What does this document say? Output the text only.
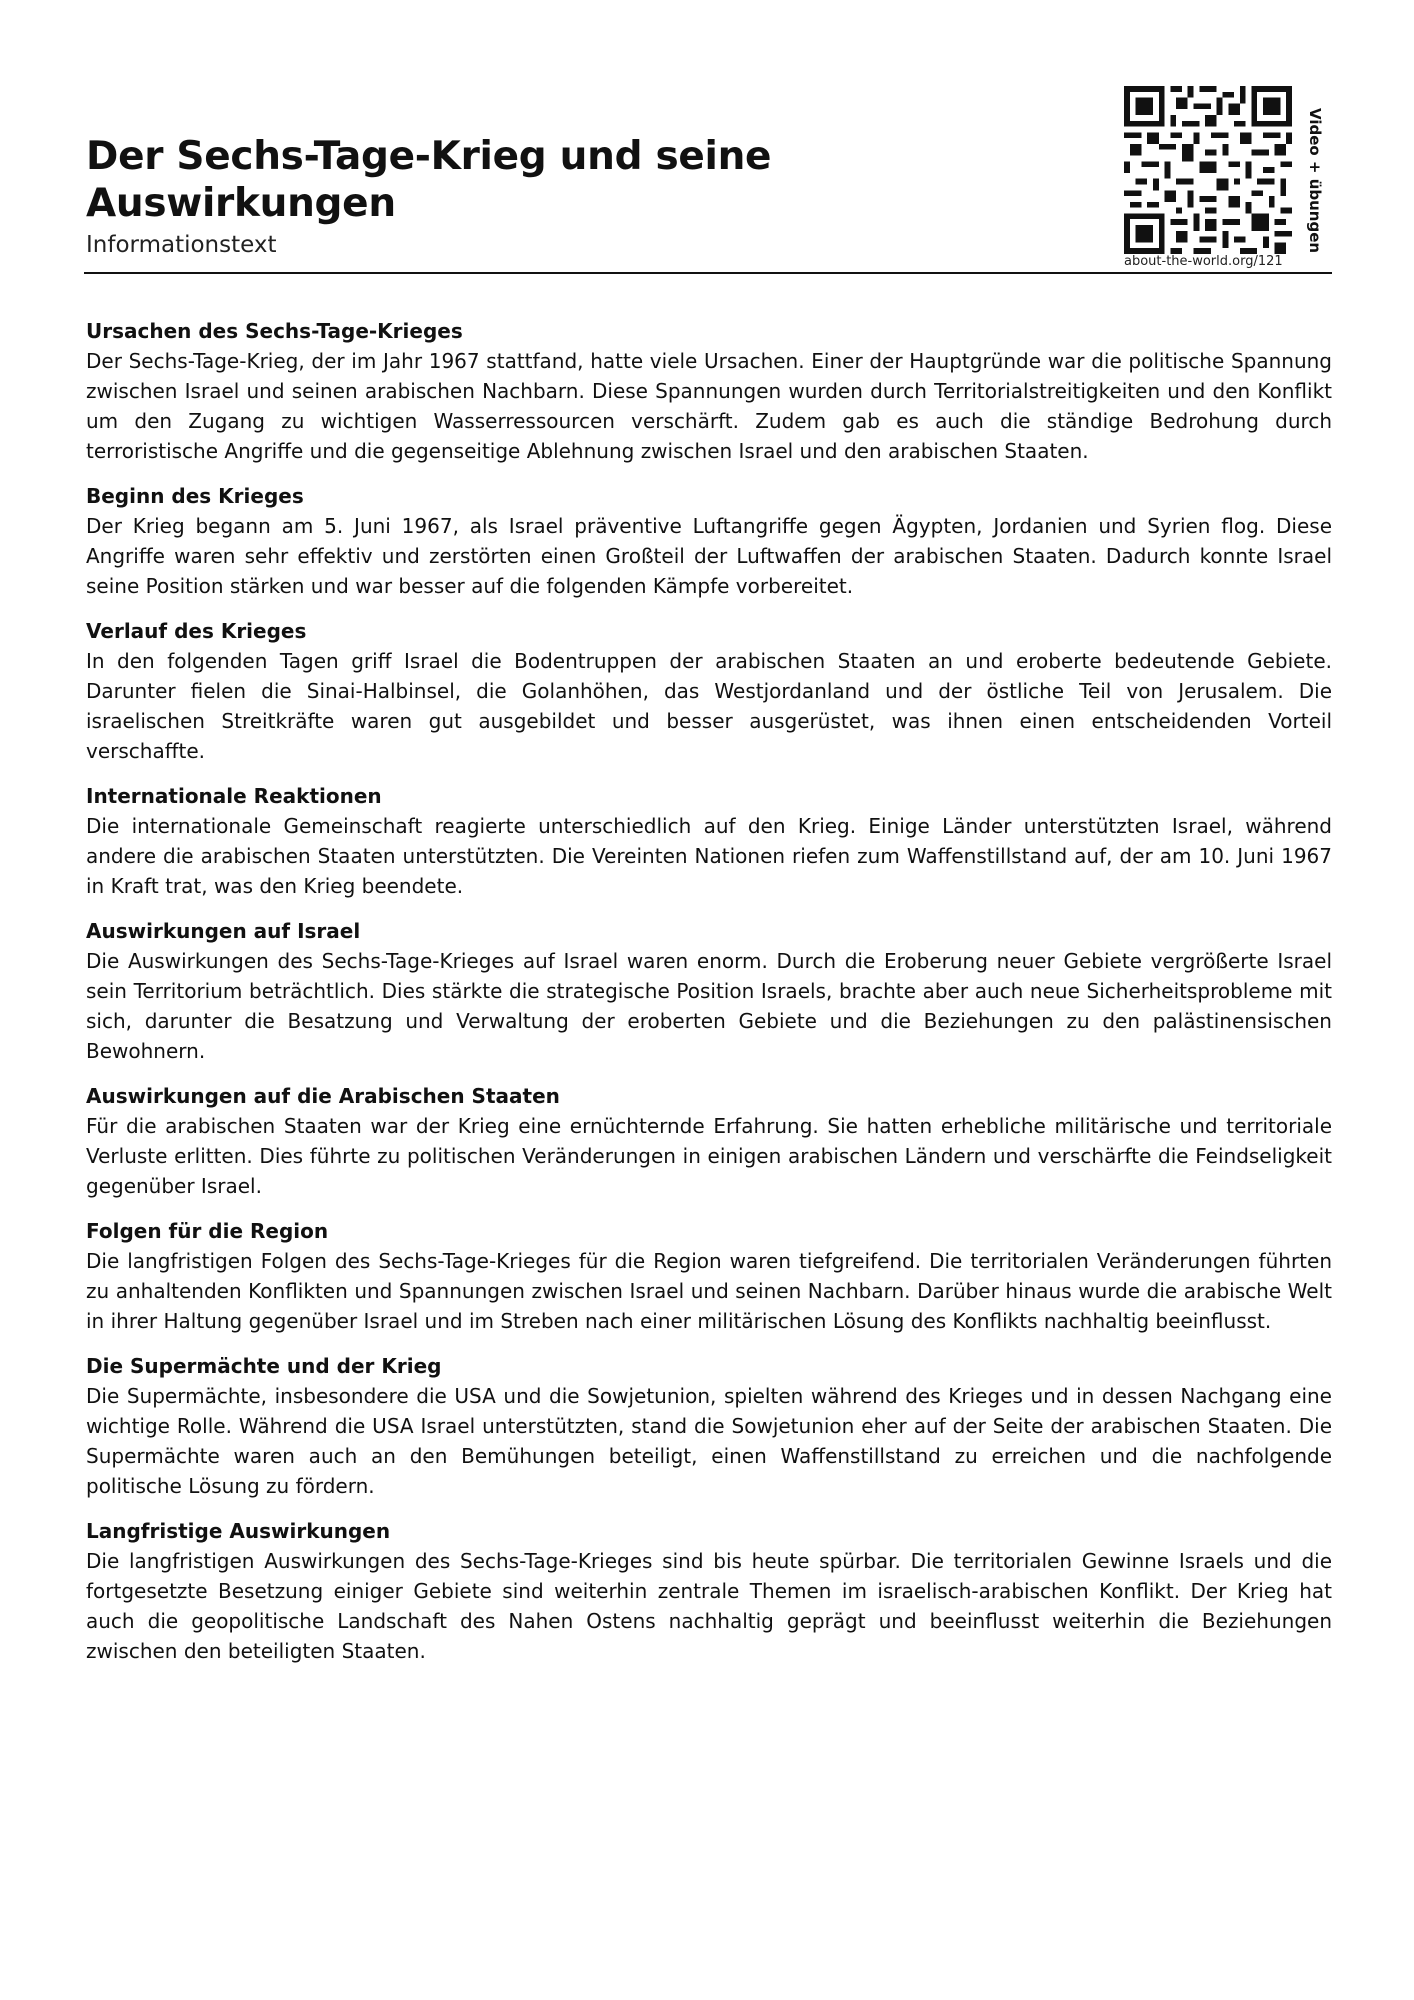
Der Sechs-Tage-Krieg und seine Auswirkungen
Informationstext	Video + übungen
about-the-world.org/121
Ursachen des Sechs-Tage-Krieges

Der Sechs-Tage-Krieg, der im Jahr 1967 stattfand, hatte viele Ursachen. Einer der Hauptgründe war die politische Spannung zwischen Israel und seinen arabischen Nachbarn. Diese Spannungen wurden durch Territorialstreitigkeiten und den Konflikt um den Zugang zu wichtigen Wasserressourcen verschärft. Zudem gab es auch die ständige Bedrohung durch terroristische Angriffe und die gegenseitige Ablehnung zwischen Israel und den arabischen Staaten.

Beginn des Krieges

Der Krieg begann am 5. Juni 1967, als Israel präventive Luftangriffe gegen Ägypten, Jordanien und Syrien flog. Diese Angriffe waren sehr effektiv und zerstörten einen Großteil der Luftwaffen der arabischen Staaten. Dadurch konnte Israel seine Position stärken und war besser auf die folgenden Kämpfe vorbereitet.

Verlauf des Krieges

In den folgenden Tagen griff Israel die Bodentruppen der arabischen Staaten an und eroberte bedeutende Gebiete. Darunter fielen die Sinai-Halbinsel, die Golanhöhen, das Westjordanland und der östliche Teil von Jerusalem. Die israelischen Streitkräfte waren gut ausgebildet und besser ausgerüstet, was ihnen einen entscheidenden Vorteil verschaffte.

Internationale Reaktionen

Die internationale Gemeinschaft reagierte unterschiedlich auf den Krieg. Einige Länder unterstützten Israel, während andere die arabischen Staaten unterstützten. Die Vereinten Nationen riefen zum Waffenstillstand auf, der am 10. Juni 1967 in Kraft trat, was den Krieg beendete.

Auswirkungen auf Israel

Die Auswirkungen des Sechs-Tage-Krieges auf Israel waren enorm. Durch die Eroberung neuer Gebiete vergrößerte Israel sein Territorium beträchtlich. Dies stärkte die strategische Position Israels, brachte aber auch neue Sicherheitsprobleme mit sich, darunter die Besatzung und Verwaltung der eroberten Gebiete und die Beziehungen zu den palästinensischen Bewohnern.

Auswirkungen auf die Arabischen Staaten

Für die arabischen Staaten war der Krieg eine ernüchternde Erfahrung. Sie hatten erhebliche militärische und territoriale Verluste erlitten. Dies führte zu politischen Veränderungen in einigen arabischen Ländern und verschärfte die Feindseligkeit gegenüber Israel.

Folgen für die Region

Die langfristigen Folgen des Sechs-Tage-Krieges für die Region waren tiefgreifend. Die territorialen Veränderungen führten zu anhaltenden Konflikten und Spannungen zwischen Israel und seinen Nachbarn. Darüber hinaus wurde die arabische Welt in ihrer Haltung gegenüber Israel und im Streben nach einer militärischen Lösung des Konflikts nachhaltig beeinflusst.

Die Supermächte und der Krieg

Die Supermächte, insbesondere die USA und die Sowjetunion, spielten während des Krieges und in dessen Nachgang eine wichtige Rolle. Während die USA Israel unterstützten, stand die Sowjetunion eher auf der Seite der arabischen Staaten. Die Supermächte waren auch an den Bemühungen beteiligt, einen Waffenstillstand zu erreichen und die nachfolgende politische Lösung zu fördern.

Langfristige Auswirkungen

Die langfristigen Auswirkungen des Sechs-Tage-Krieges sind bis heute spürbar. Die territorialen Gewinne Israels und die fortgesetzte Besetzung einiger Gebiete sind weiterhin zentrale Themen im israelisch-arabischen Konflikt. Der Krieg hat auch die geopolitische Landschaft des Nahen Ostens nachhaltig geprägt und beeinflusst weiterhin die Beziehungen zwischen den beteiligten Staaten.
